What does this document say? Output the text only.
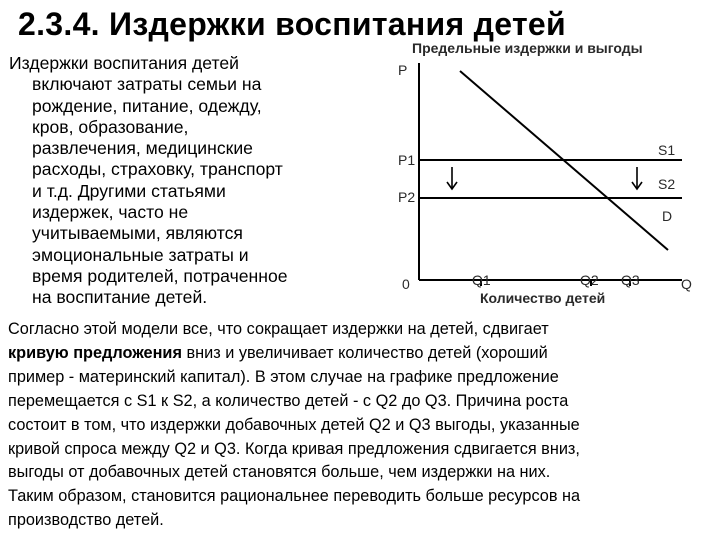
2.3.4. Издержки воспитания детей
Издержки воспитания детей
включают затраты семьи на
рождение, питание, одежду,
кров, образование,
развлечения, медицинские
расходы, страховку, транспорт
и т.д. Другими статьями
издержек, часто не
учитываемыми, являются
эмоциональные затраты и
время родителей, потраченное
на воспитание детей.
Предельные издержки и выгоды
P
P1
P2
0	Q1	Q2 Q3	Q
S1
S2
D
Количество детей
Согласно этой модели все, что сокращает издержки на детей, сдвигает
кривую предложения вниз и увеличивает количество детей (хороший
пример - материнский капитал). В этом случае на графике предложение
перемещается с S1 к S2, а количество детей - с Q2 до Q3. Причина роста
состоит в том, что издержки добавочных детей Q2 и Q3 выгоды, указанные
кривой спроса между Q2 и Q3. Когда кривая предложения сдвигается вниз,
выгоды от добавочных детей становятся больше, чем издержки на них.
Таким образом, становится рациональнее переводить больше ресурсов на
производство детей.
